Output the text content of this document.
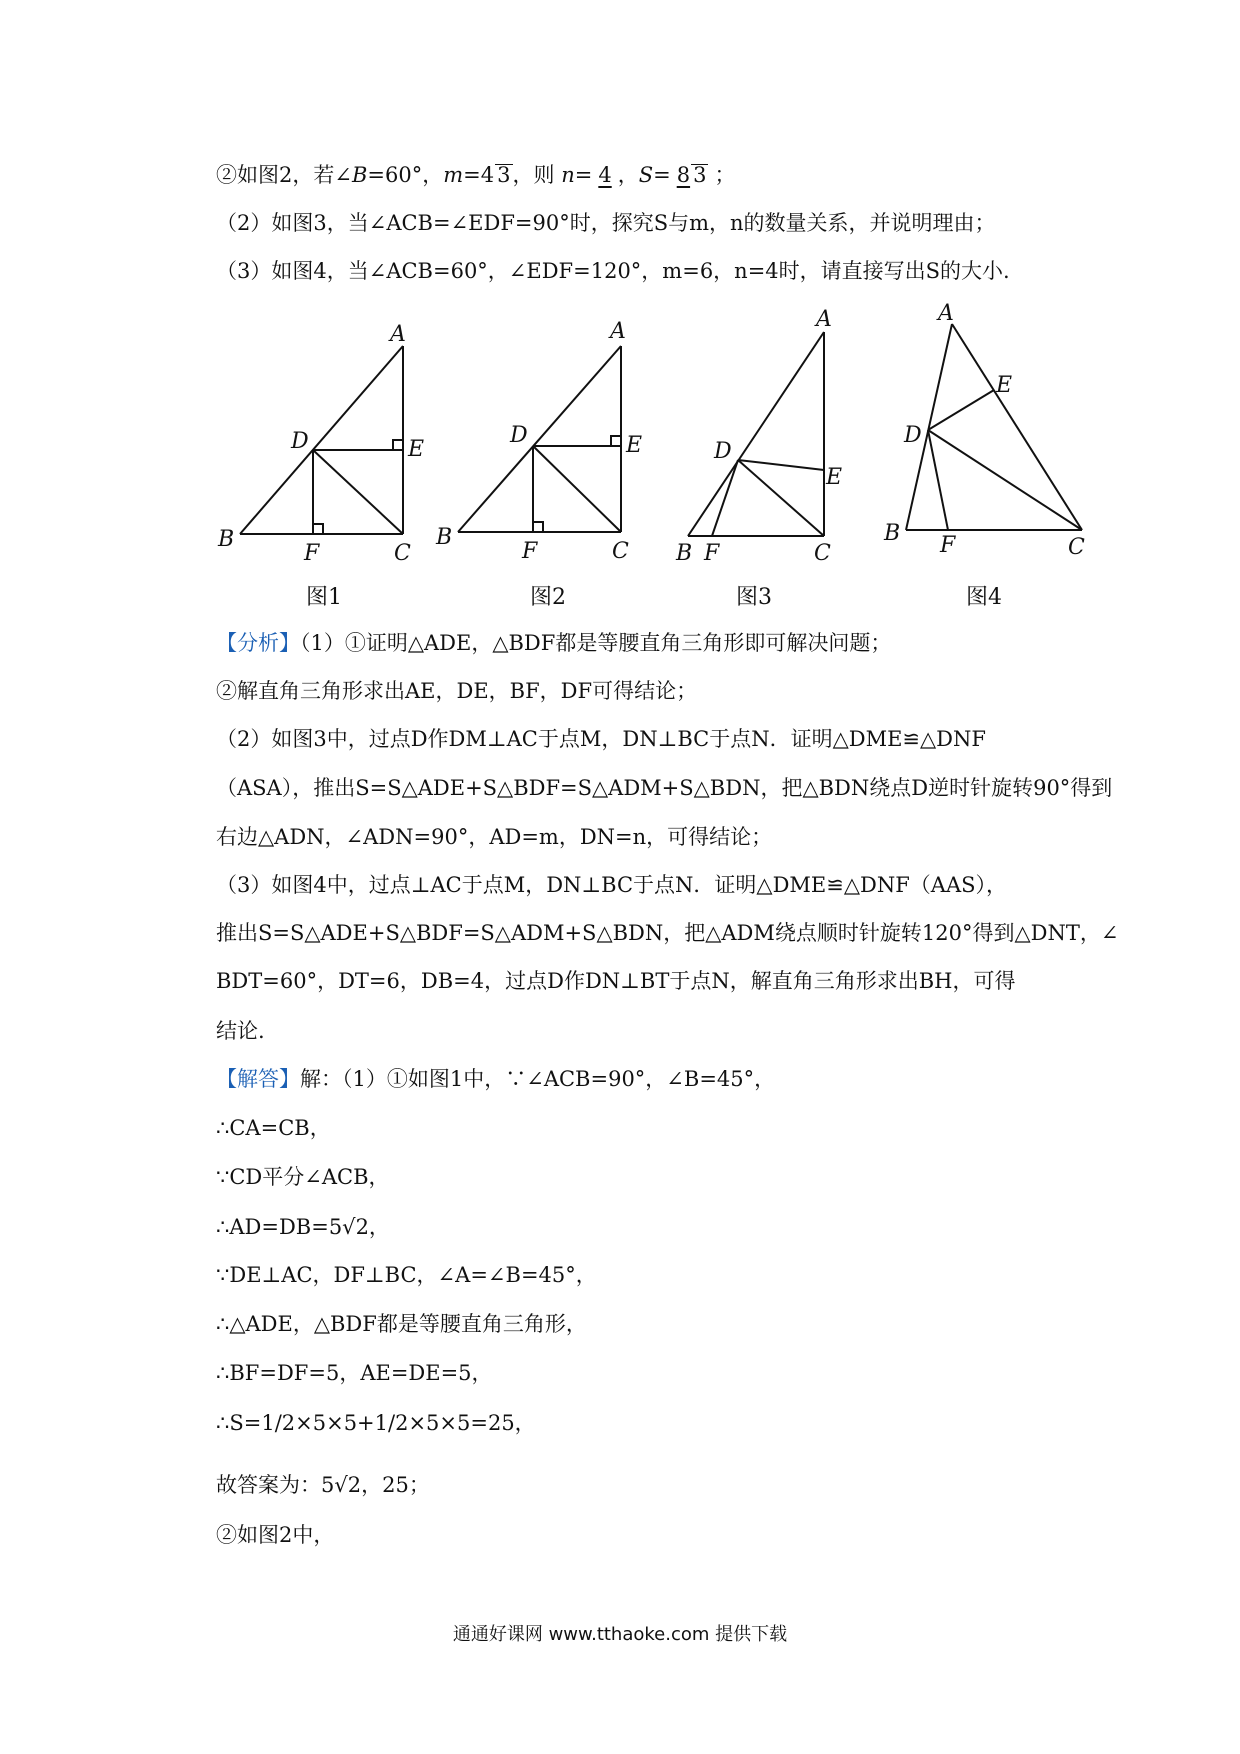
②如图2，若∠B=60°，m=4 3，则 n= 4 ，S= 8 3 ；
（2）如图3，当∠ACB=∠EDF=90°时，探究S与m，n的数量关系，并说明理由；
（3）如图4，当∠ACB=60°，∠EDF=120°，m=6，n=4时，请直接写出S的大小.
A
B
C
D	E
F
A
B
C
D	E
F
A
B	C
D
E
F
A
B
C
D
E
F
图1	图2	图3	图4
【分析】（1）①证明△ADE，△BDF都是等腰直角三角形即可解决问题；
②解直角三角形求出AE，DE，BF，DF可得结论；
（2）如图3中，过点D作DM⊥AC于点M，DN⊥BC于点N．证明△DME≌△DNF
（ASA），推出S=S△ADE+S△BDF=S△ADM+S△BDN，把△BDN绕点D逆时针旋转90°得到
右边△ADN，∠ADN=90°，AD=m，DN=n，可得结论；
（3）如图4中，过点⊥AC于点M，DN⊥BC于点N．证明△DME≌△DNF（AAS），
推出S=S△ADE+S△BDF=S△ADM+S△BDN，把△ADM绕点顺时针旋转120°得到△DNT，∠
BDT=60°，DT=6，DB=4，过点D作DN⊥BT于点N，解直角三角形求出BH，可得
结论.
【解答】解：（1）①如图1中，∵∠ACB=90°，∠B=45°，
∴CA=CB，
∵CD平分∠ACB，
∴AD=DB=5√2，
∵DE⊥AC，DF⊥BC，∠A=∠B=45°，
∴△ADE，△BDF都是等腰直角三角形，
∴BF=DF=5，AE=DE=5，
∴S=1/2×5×5+1/2×5×5=25，
故答案为：5√2，25；
②如图2中，
通通好课网 www.tthaoke.com 提供下载
